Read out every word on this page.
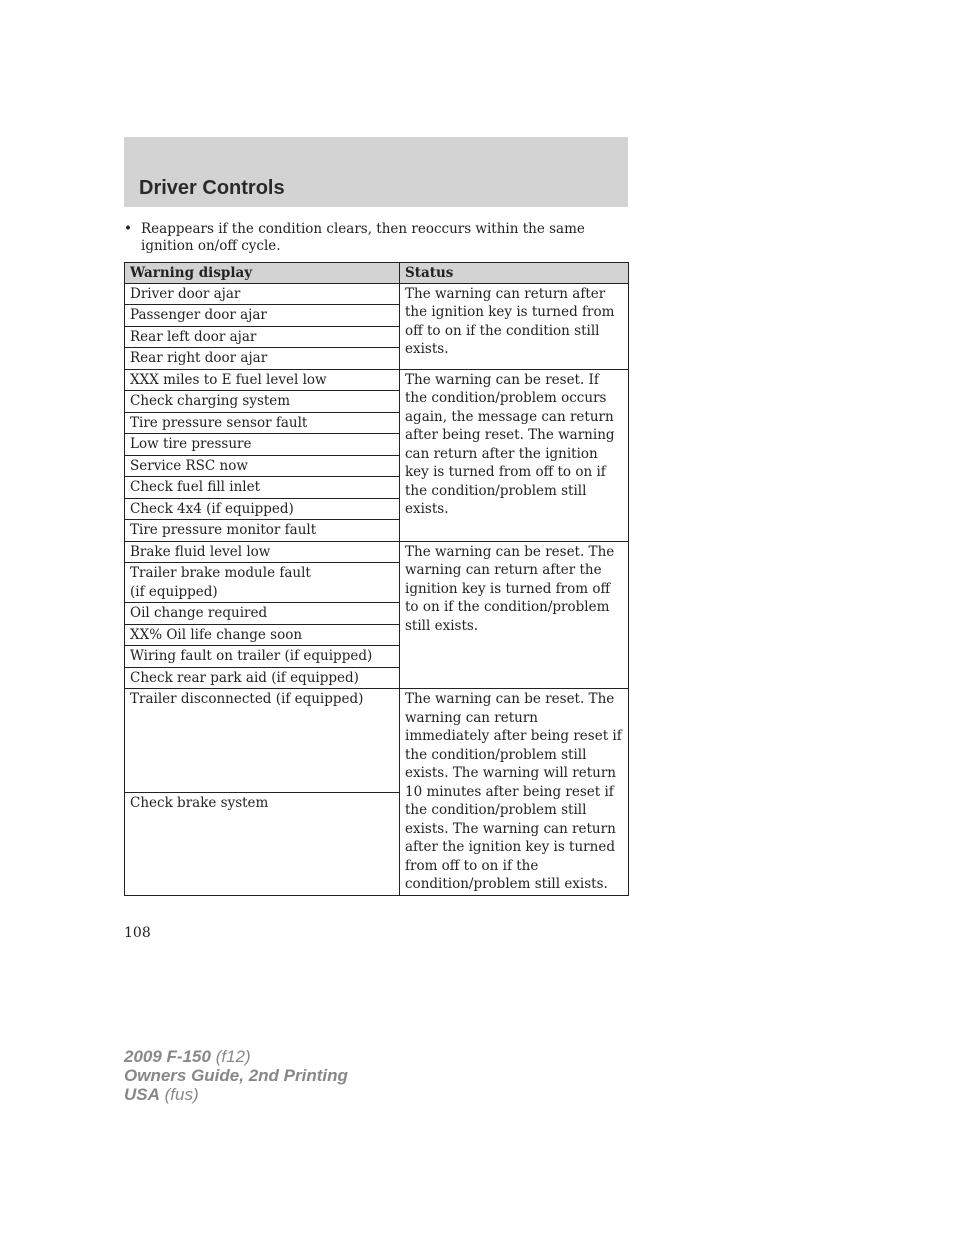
Driver Controls
• Reappears if the condition clears, then reoccurs within the same ignition on/off cycle.
Warning display	Status
Driver door ajar	The warning can return after the ignition key is turned from off to on if the condition still exists.
Passenger door ajar	
Rear left door ajar	
Rear right door ajar	
XXX miles to E fuel level low	The warning can be reset. If the condition/problem occurs again, the message can return after being reset. The warning can return after the ignition key is turned from off to on if the condition/problem still exists.
Check charging system	
Tire pressure sensor fault	
Low tire pressure	
Service RSC now	
Check fuel fill inlet	
Check 4x4 (if equipped)	
Tire pressure monitor fault	
Brake fluid level low	The warning can be reset. The warning can return after the ignition key is turned from off to on if the condition/problem still exists.

Trailer brake module fault (if equipped)	

Oil change required	
XX% Oil life change soon	
Wiring fault on trailer (if equipped)	
Check rear park aid (if equipped)	
Trailer disconnected (if equipped)	The warning can be reset. The warning can return immediately after being reset if the condition/problem still exists. The warning will return 10 minutes after being reset if the condition/problem still exists. The warning can return after the ignition key is turned from off to on if the condition/problem still exists.
Check brake system	
108
2009 F-150 (f12)
Owners Guide, 2nd Printing
USA (fus)
